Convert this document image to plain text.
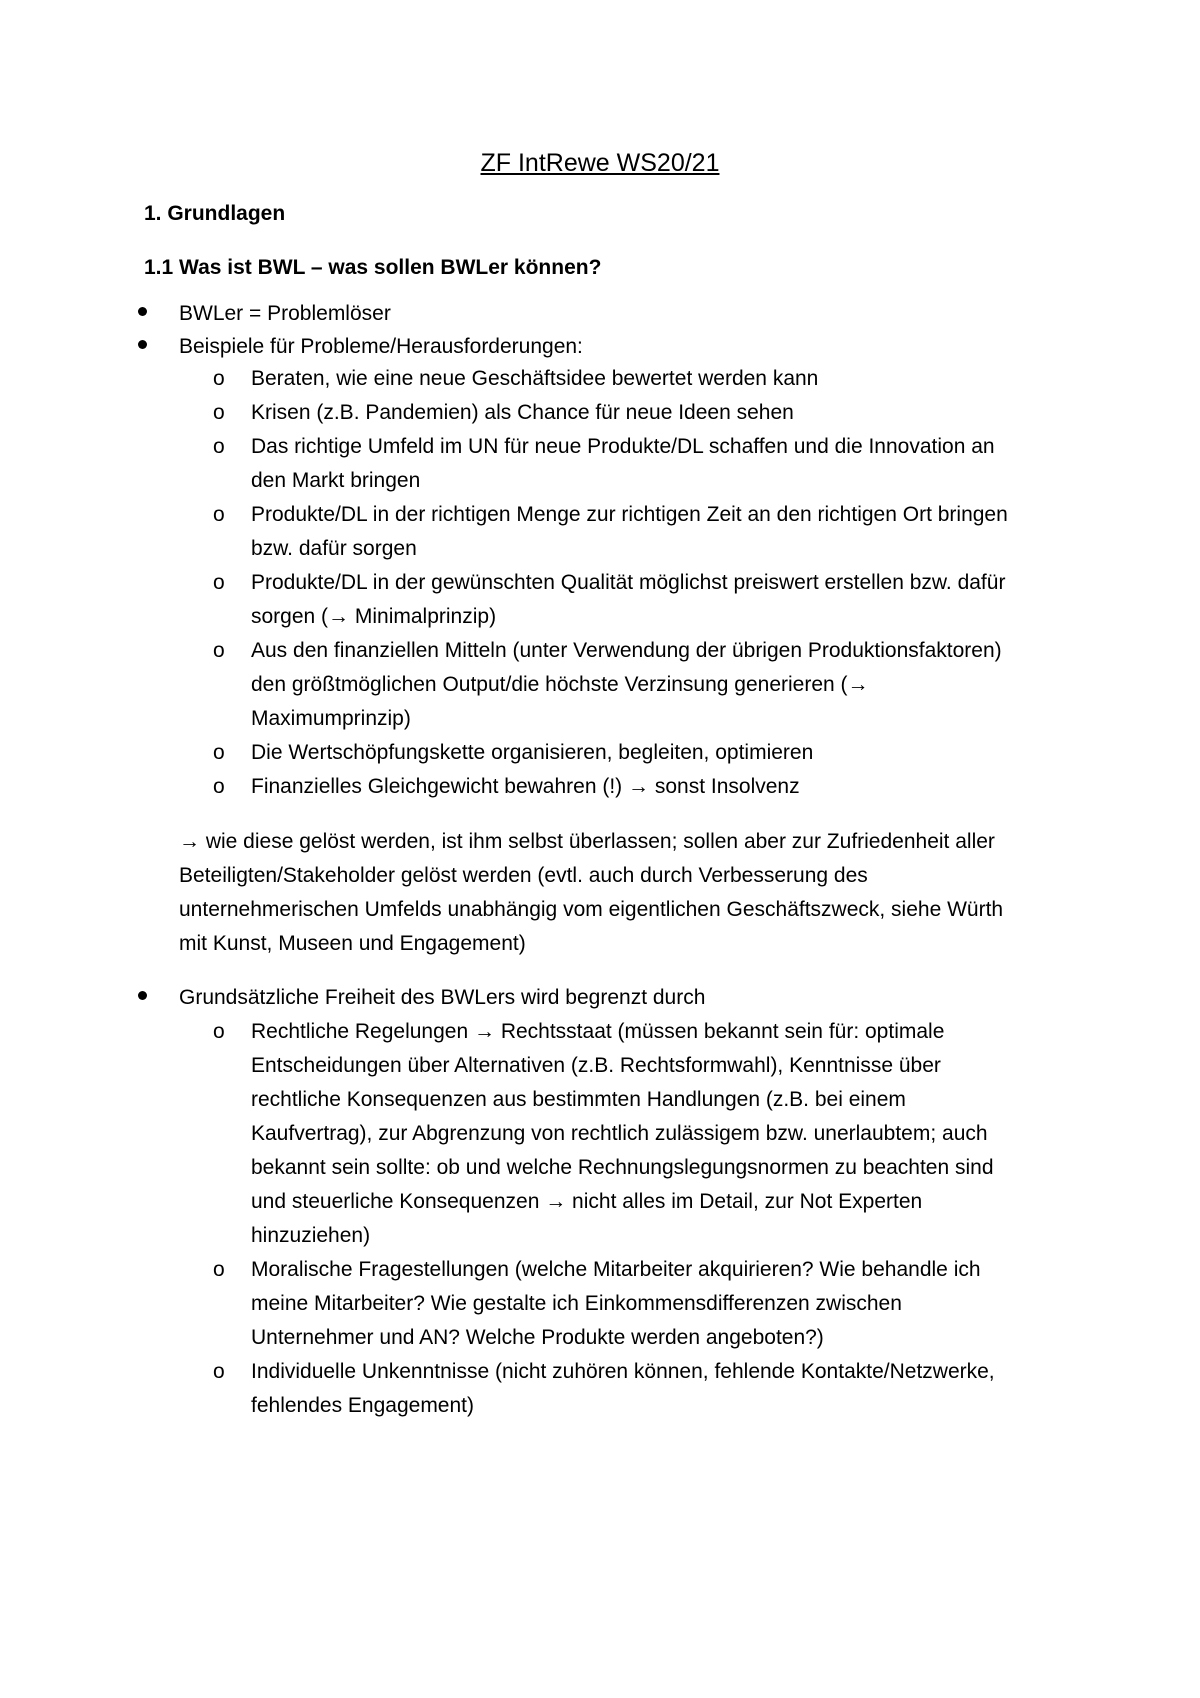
ZF IntRewe WS20/21
1. Grundlagen
1.1 Was ist BWL – was sollen BWLer können?
BWLer = Problemlöser
Beispiele für Probleme/Herausforderungen:
o Beraten, wie eine neue Geschäftsidee bewertet werden kann
o Krisen (z.B. Pandemien) als Chance für neue Ideen sehen
o Das richtige Umfeld im UN für neue Produkte/DL schaffen und die Innovation an
den Markt bringen
o Produkte/DL in der richtigen Menge zur richtigen Zeit an den richtigen Ort bringen
bzw. dafür sorgen
o Produkte/DL in der gewünschten Qualität möglichst preiswert erstellen bzw. dafür
sorgen (→ Minimalprinzip)
o Aus den finanziellen Mitteln (unter Verwendung der übrigen Produktionsfaktoren)
den größtmöglichen Output/die höchste Verzinsung generieren (→
Maximumprinzip)
o Die Wertschöpfungskette organisieren, begleiten, optimieren
o Finanzielles Gleichgewicht bewahren (!) → sonst Insolvenz
→ wie diese gelöst werden, ist ihm selbst überlassen; sollen aber zur Zufriedenheit aller
Beteiligten/Stakeholder gelöst werden (evtl. auch durch Verbesserung des
unternehmerischen Umfelds unabhängig vom eigentlichen Geschäftszweck, siehe Würth
mit Kunst, Museen und Engagement)
Grundsätzliche Freiheit des BWLers wird begrenzt durch
o Rechtliche Regelungen → Rechtsstaat (müssen bekannt sein für: optimale
Entscheidungen über Alternativen (z.B. Rechtsformwahl), Kenntnisse über
rechtliche Konsequenzen aus bestimmten Handlungen (z.B. bei einem
Kaufvertrag), zur Abgrenzung von rechtlich zulässigem bzw. unerlaubtem; auch
bekannt sein sollte: ob und welche Rechnungslegungsnormen zu beachten sind
und steuerliche Konsequenzen → nicht alles im Detail, zur Not Experten
hinzuziehen)
o Moralische Fragestellungen (welche Mitarbeiter akquirieren? Wie behandle ich
meine Mitarbeiter? Wie gestalte ich Einkommensdifferenzen zwischen
Unternehmer und AN? Welche Produkte werden angeboten?)
o Individuelle Unkenntnisse (nicht zuhören können, fehlende Kontakte/Netzwerke,
fehlendes Engagement)
